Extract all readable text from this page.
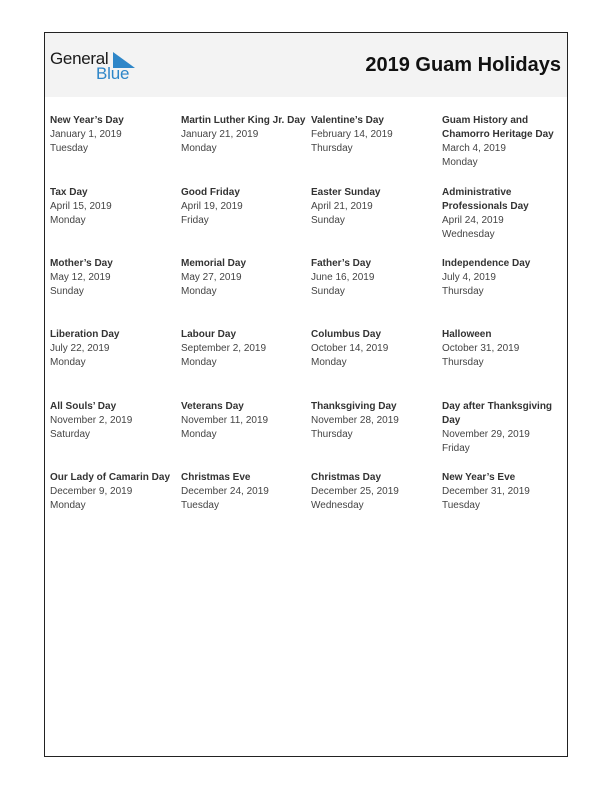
General
Blue	2019 Guam Holidays
New Year’s Day
January 1, 2019
Tuesday
Martin Luther King Jr. Day
January 21, 2019
Monday
Valentine’s Day
February 14, 2019
Thursday
Guam History and Chamorro Heritage Day
March 4, 2019
Monday
Tax Day
April 15, 2019
Monday
Good Friday
April 19, 2019
Friday
Easter Sunday
April 21, 2019
Sunday
Administrative Professionals Day
April 24, 2019
Wednesday
Mother’s Day
May 12, 2019
Sunday
Memorial Day
May 27, 2019
Monday
Father’s Day
June 16, 2019
Sunday
Independence Day
July 4, 2019
Thursday
Liberation Day
July 22, 2019
Monday
Labour Day
September 2, 2019
Monday
Columbus Day
October 14, 2019
Monday
Halloween
October 31, 2019
Thursday
All Souls’ Day
November 2, 2019
Saturday
Veterans Day
November 11, 2019
Monday
Thanksgiving Day
November 28, 2019
Thursday
Day after Thanksgiving Day
November 29, 2019
Friday
Our Lady of Camarin Day
December 9, 2019
Monday
Christmas Eve
December 24, 2019
Tuesday
Christmas Day
December 25, 2019
Wednesday
New Year’s Eve
December 31, 2019
Tuesday
